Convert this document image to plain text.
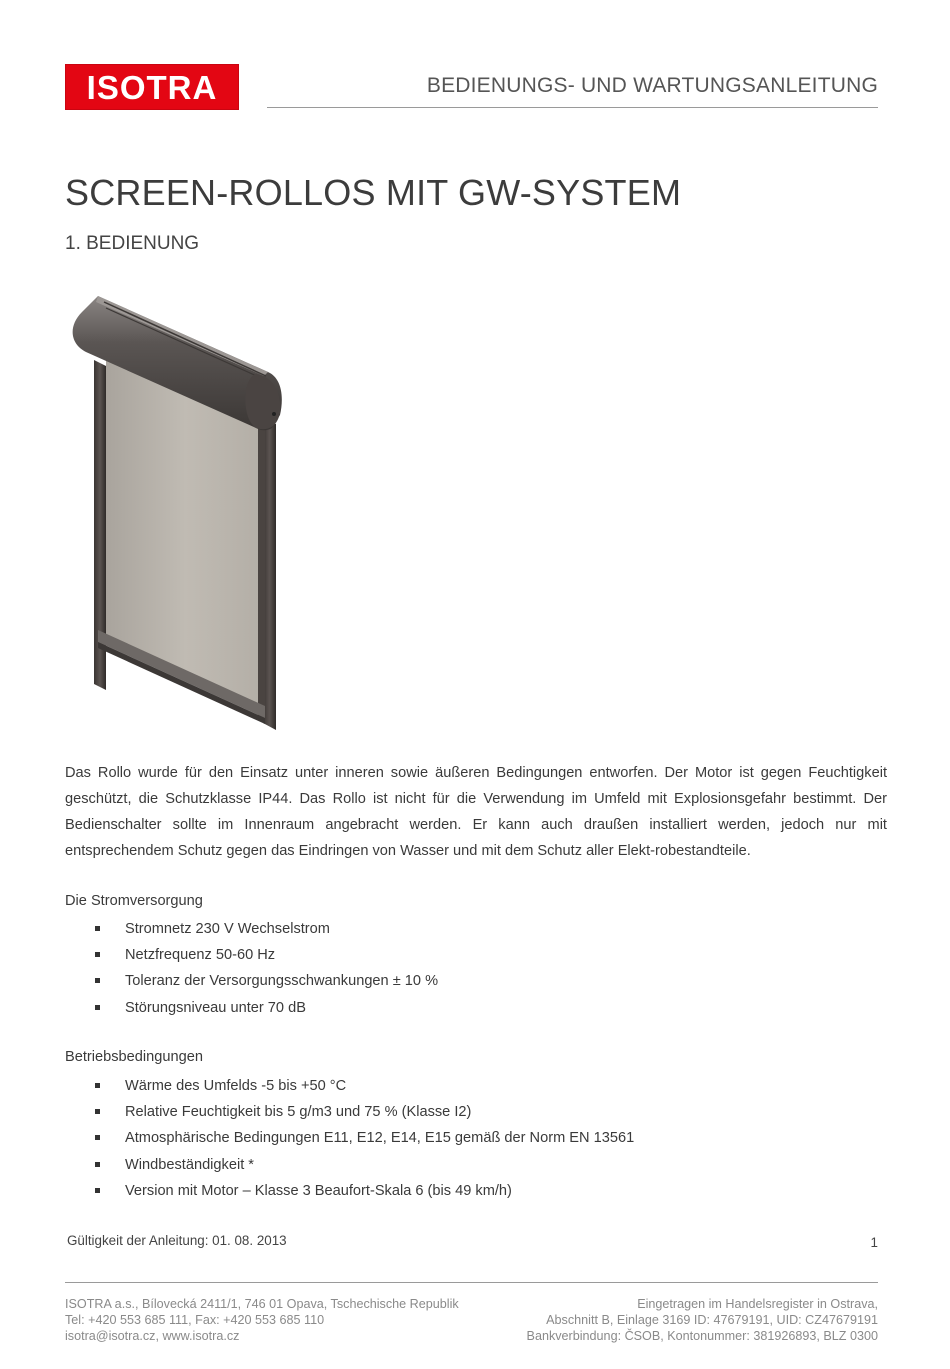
ISOTRA	BEDIENUNGS- UND WARTUNGSANLEITUNG
SCREEN-ROLLOS MIT GW-SYSTEM
1. BEDIENUNG
Das Rollo wurde für den Einsatz unter inneren sowie äußeren Bedingungen entworfen. Der Motor ist gegen Feuchtigkeit geschützt, die Schutzklasse IP44. Das Rollo ist nicht für die Verwendung im Umfeld mit Explosionsgefahr bestimmt. Der Bedienschalter sollte im Innenraum angebracht werden. Er kann auch draußen installiert werden, jedoch nur mit entsprechendem Schutz gegen das Eindringen von Wasser und mit dem Schutz aller Elekt-robestandteile.
Die Stromversorgung
Stromnetz 230 V Wechselstrom
Netzfrequenz 50-60 Hz
Toleranz der Versorgungsschwankungen ± 10 %
Störungsniveau unter 70 dB
Betriebsbedingungen
Wärme des Umfelds -5 bis +50 °C
Relative Feuchtigkeit bis 5 g/m3 und 75 % (Klasse I2)
Atmosphärische Bedingungen E11, E12, E14, E15 gemäß der Norm EN 13561
Windbeständigkeit *
Version mit Motor – Klasse 3 Beaufort-Skala 6 (bis 49 km/h)
Gültigkeit der Anleitung: 01. 08. 2013	1
ISOTRA a.s., Bílovecká 2411/1, 746 01 Opava, Tschechische Republik
Tel: +420 553 685 111, Fax: +420 553 685 110
isotra@isotra.cz, www.isotra.cz
Eingetragen im Handelsregister in Ostrava,
Abschnitt B, Einlage 3169 ID: 47679191, UID: CZ47679191
Bankverbindung: ČSOB, Kontonummer: 381926893, BLZ 0300
